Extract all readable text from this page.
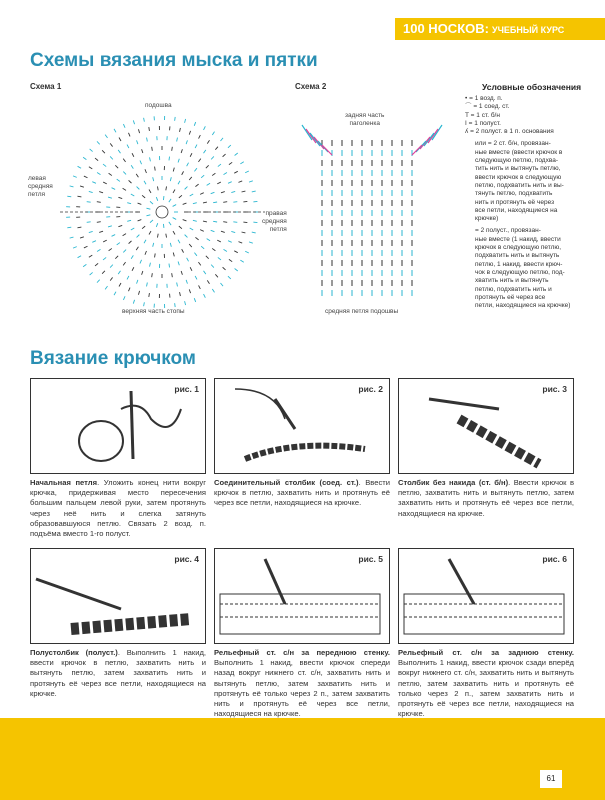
100 НОСКОВ: УЧЕБНЫЙ КУРС
Схемы вязания мыска и пятки
Схема 1
подошва
левая
средняя
петля
правая
средняя
петля
верхняя часть стопы
Схема 2
задняя часть
паголенка
средняя петля подошвы
Условные обозначения
• = 1 возд. п.
⌒ = 1 соед. ст.
T = 1 ст. б/н
I = 1 полуст.
ʎ = 2 полуст. в 1 п. основания
или = 2 ст. б/н, провязан-
ные вместе (ввести крючок в
следующую петлю, подхва-
тить нить и вытянуть петлю,
ввести крючок в следующую
петлю, подхватить нить и вы-
тянуть петлю, подхватить
нить и протянуть её через
все петли, находящиеся на
крючке)
= 2 полуст., провязан-
ные вместе (1 накид, ввести
крючок в следующую петлю,
подхватить нить и вытянуть
петлю, 1 накид, ввести крюч-
чок в следующую петлю, под-
хватить нить и вытянуть
петлю, подхватить нить и
протянуть её через все
петли, находящиеся на крючке)
Вязание крючком
рис. 1	рис. 2	рис. 3
Начальная петля. Уложить конец нити вокруг крючка, придерживая место пересечения большим пальцем левой руки, затем протянуть через неё нить и слегка затянуть образовавшуюся петлю. Связать 2 возд. п. подъёма вместо 1-го полуст.
Соединительный столбик (соед. ст.). Ввести крючок в петлю, захватить нить и протянуть её через все петли, находящиеся на крючке.
Столбик без накида (ст. б/н). Ввести крючок в петлю, захватить нить и вытянуть петлю, затем захватить нить и протянуть её через все петли, находящиеся на крючке.
рис. 4	рис. 5	рис. 6
Полустолбик (полуст.). Выполнить 1 накид, ввести крючок в петлю, захватить нить и вытянуть петлю, затем захватить нить и протянуть её через все петли, находящиеся на крючке.
Рельефный ст. с/н за переднюю стенку. Выполнить 1 накид, ввести крючок спереди назад вокруг нижнего ст. с/н, захватить нить и вытянуть петлю, затем захватить нить и протянуть её только через 2 п., затем захватить нить и протянуть её через все петли, находящиеся на крючке.
Рельефный ст. с/н за заднюю стенку. Выполнить 1 накид, ввести крючок сзади вперёд вокруг нижнего ст. с/н, захватить нить и вытянуть петлю, затем захватить нить и протянуть её только через 2 п., затем захватить нить и протянуть её через все петли, находящиеся на крючке.
61
